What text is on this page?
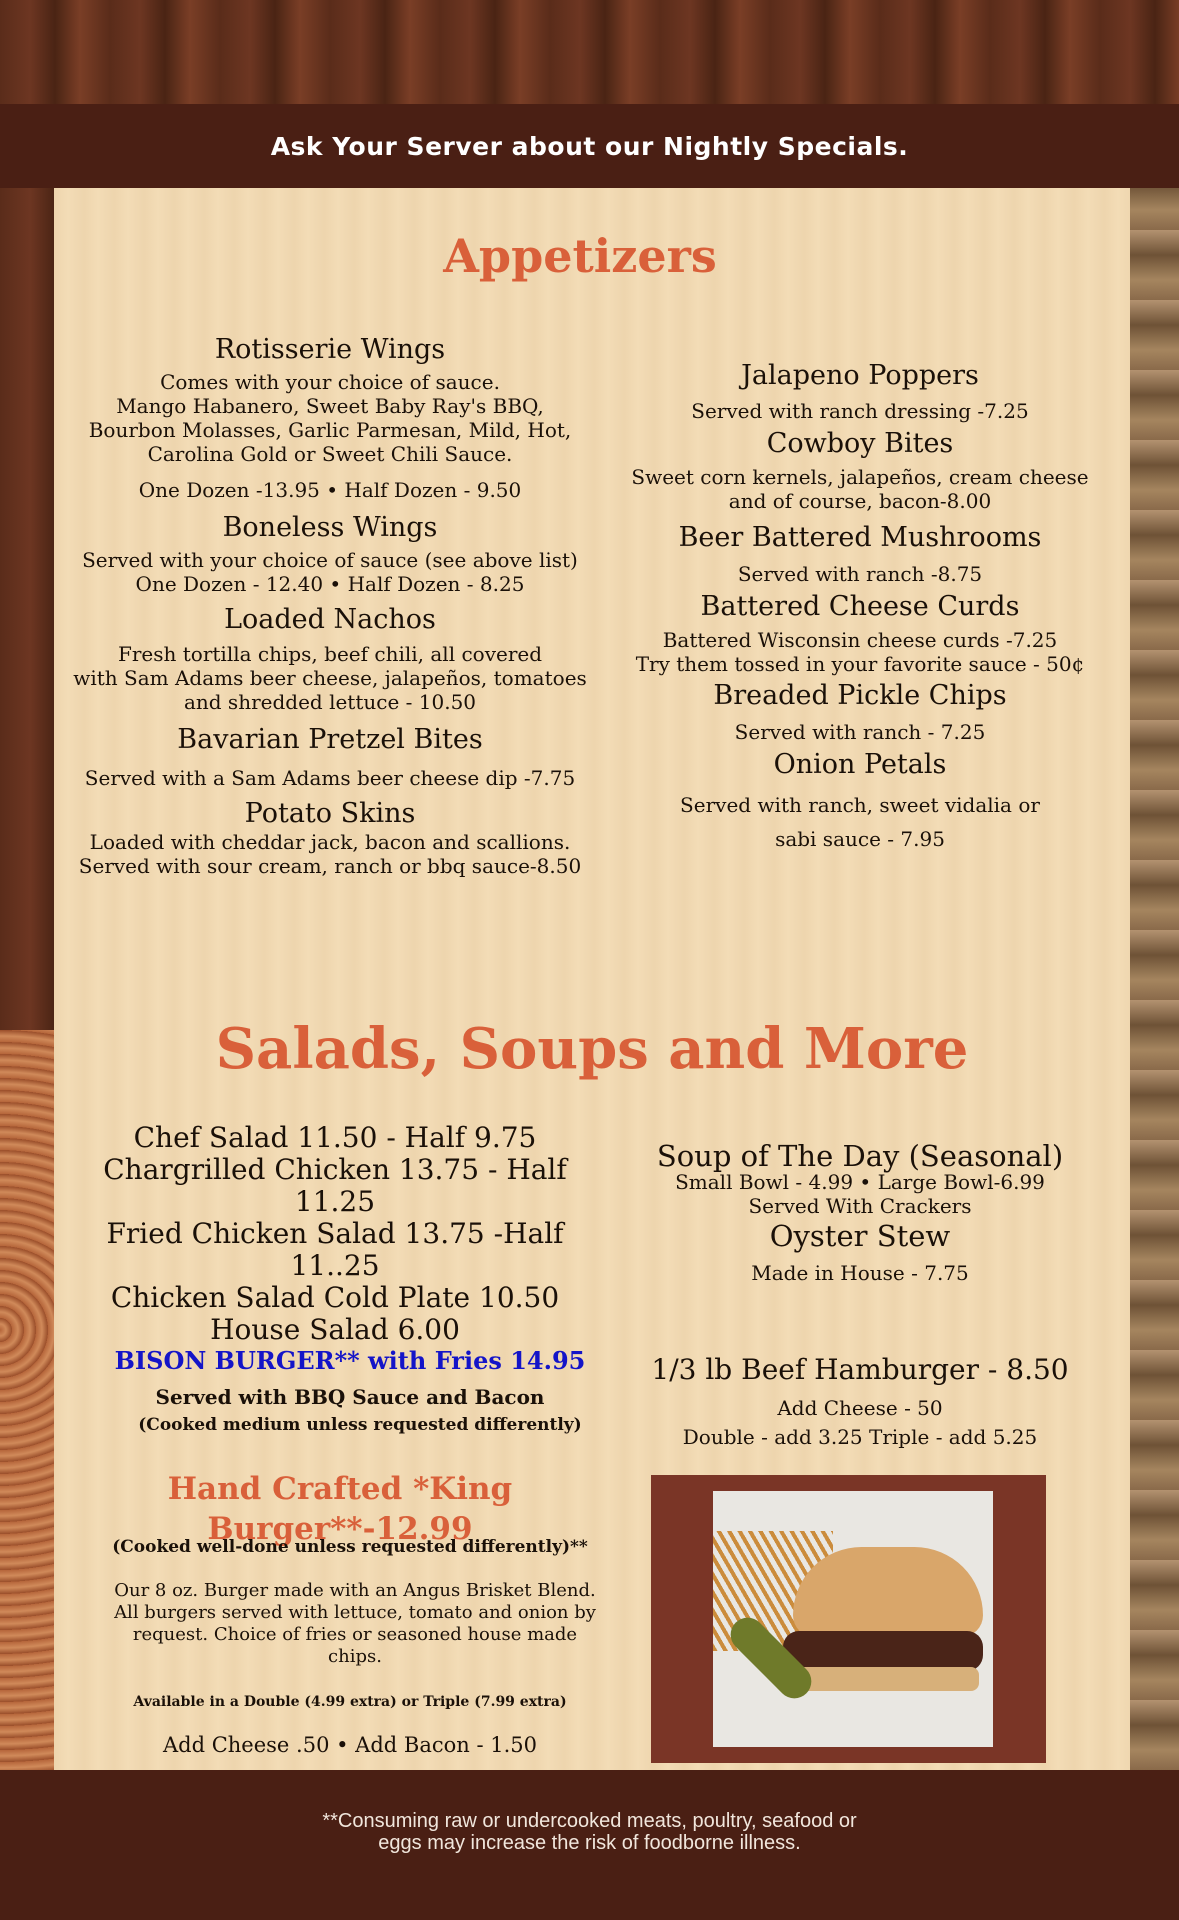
Ask Your Server about our Nightly Specials.
Appetizers
Rotisserie Wings
Comes with your choice of sauce.
Mango Habanero, Sweet Baby Ray's BBQ,
Bourbon Molasses, Garlic Parmesan, Mild, Hot,
Carolina Gold or Sweet Chili Sauce.
One Dozen -13.95 • Half Dozen - 9.50
Boneless Wings
Served with your choice of sauce (see above list)
One Dozen - 12.40 • Half Dozen - 8.25
Loaded Nachos
Fresh tortilla chips, beef chili, all covered
with Sam Adams beer cheese, jalapeños, tomatoes
and shredded lettuce - 10.50
Bavarian Pretzel Bites
Served with a Sam Adams beer cheese dip -7.75
Potato Skins
Loaded with cheddar jack, bacon and scallions.
Served with sour cream, ranch or bbq sauce-8.50
Jalapeno Poppers
Served with ranch dressing -7.25
Cowboy Bites
Sweet corn kernels, jalapeños, cream cheese
and of course, bacon-8.00
Beer Battered Mushrooms
Served with ranch -8.75
Battered Cheese Curds
Battered Wisconsin cheese curds -7.25
Try them tossed in your favorite sauce - 50¢
Breaded Pickle Chips
Served with ranch - 7.25
Onion Petals
Served with ranch, sweet vidalia or
sabi sauce - 7.95
Salads, Soups and More
Chef Salad 11.50 - Half 9.75
Chargrilled Chicken 13.75 - Half 11.25
Fried Chicken Salad 13.75 -Half 11..25
Chicken Salad Cold Plate 10.50
House Salad 6.00
Soup of The Day (Seasonal)
Small Bowl - 4.99 • Large Bowl-6.99
Served With Crackers
Oyster Stew
Made in House - 7.75
BISON BURGER** with Fries 14.95
Served with BBQ Sauce and Bacon
(Cooked medium unless requested differently)
1/3 lb Beef Hamburger - 8.50
Add Cheese - 50
Double - add 3.25 Triple - add 5.25
Hand Crafted *King Burger**-12.99
(Cooked well-done unless requested differently)**
Our 8 oz. Burger made with an Angus Brisket Blend.
All burgers served with lettuce, tomato and onion by
request. Choice of fries or seasoned house made
chips.
Available in a Double (4.99 extra) or Triple (7.99 extra)
Add Cheese .50 • Add Bacon - 1.50

**Consuming raw or undercooked meats, poultry, seafood or
eggs may increase the risk of foodborne illness.
